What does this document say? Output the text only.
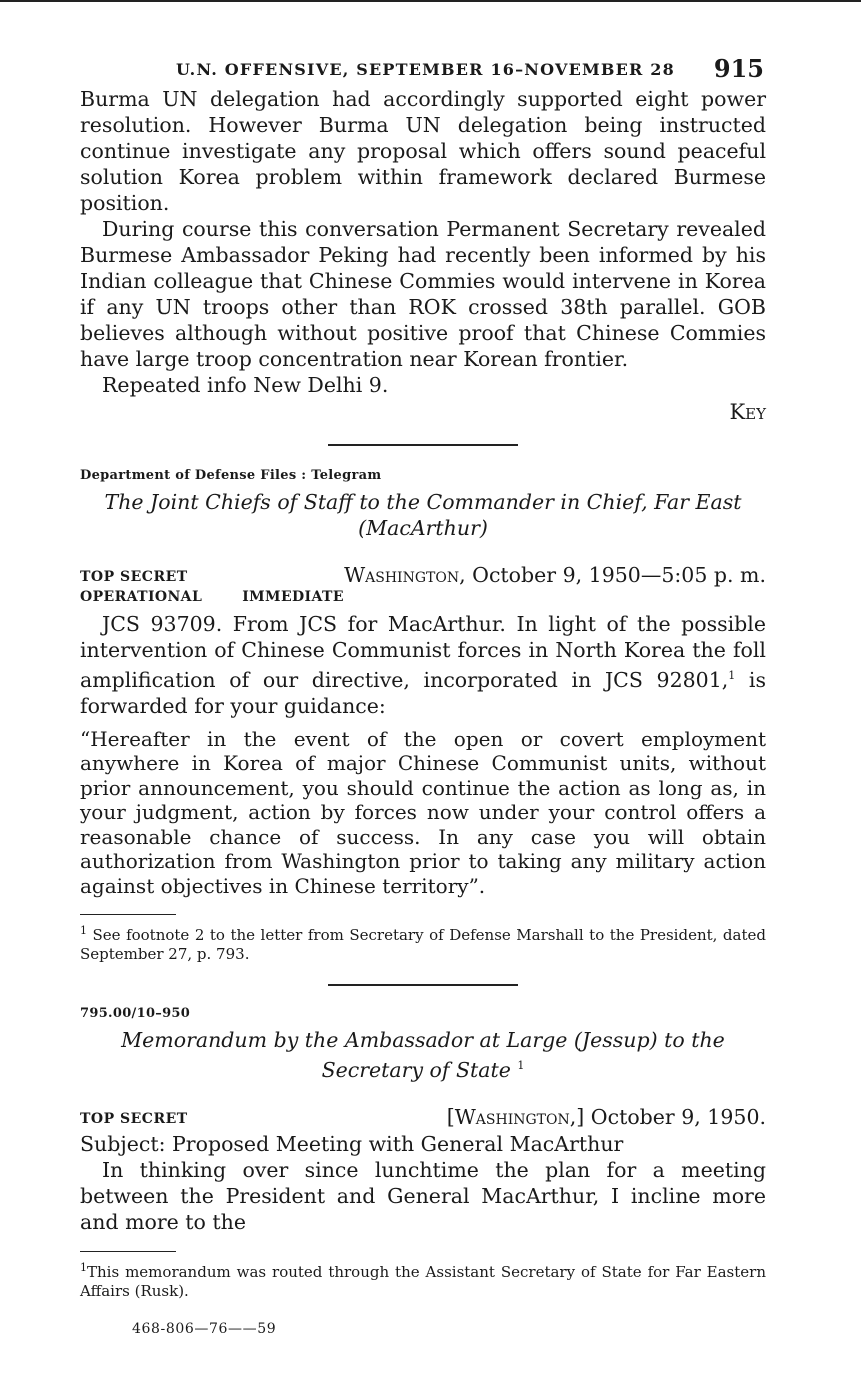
U.N. OFFENSIVE, SEPTEMBER 16–NOVEMBER 28 915

Burma UN delegation had accordingly supported eight power resolution. However Burma UN delegation being instructed continue investigate any proposal which offers sound peaceful solution Korea problem within framework declared Burmese position.

During course this conversation Permanent Secretary revealed Burmese Ambassador Peking had recently been informed by his Indian colleague that Chinese Commies would intervene in Korea if any UN troops other than ROK crossed 38th parallel. GOB believes although without positive proof that Chinese Commies have large troop concentration near Korean frontier.

Repeated info New Delhi 9.

Key
Department of Defense Files : Telegram
The Joint Chiefs of Staff to the Commander in Chief, Far East (MacArthur)
TOP SECRET	Washington, October 9, 1950—5:05 p. m.
OPERATIONAL	IMMEDIATE

JCS 93709. From JCS for MacArthur. In light of the possible intervention of Chinese Communist forces in North Korea the foll amplification of our directive, incorporated in JCS 92801,$^1$ is forwarded for your guidance:

“Hereafter in the event of the open or covert employment anywhere in Korea of major Chinese Communist units, without prior announcement, you should continue the action as long as, in your judgment, action by forces now under your control offers a reasonable chance of success. In any case you will obtain authorization from Washington prior to taking any military action against objectives in Chinese territory”.

$^1$ See footnote 2 to the letter from Secretary of Defense Marshall to the President, dated September 27, p. 793.

795.00/10–950
Memorandum by the Ambassador at Large (Jessup) to the Secretary of State $^1$
TOP SECRET	[Washington,] October 9, 1950.
Subject: Proposed Meeting with General MacArthur

In thinking over since lunchtime the plan for a meeting between the President and General MacArthur, I incline more and more to the

$^1$This memorandum was routed through the Assistant Secretary of State for Far Eastern Affairs (Rusk).

468-806—76——59
